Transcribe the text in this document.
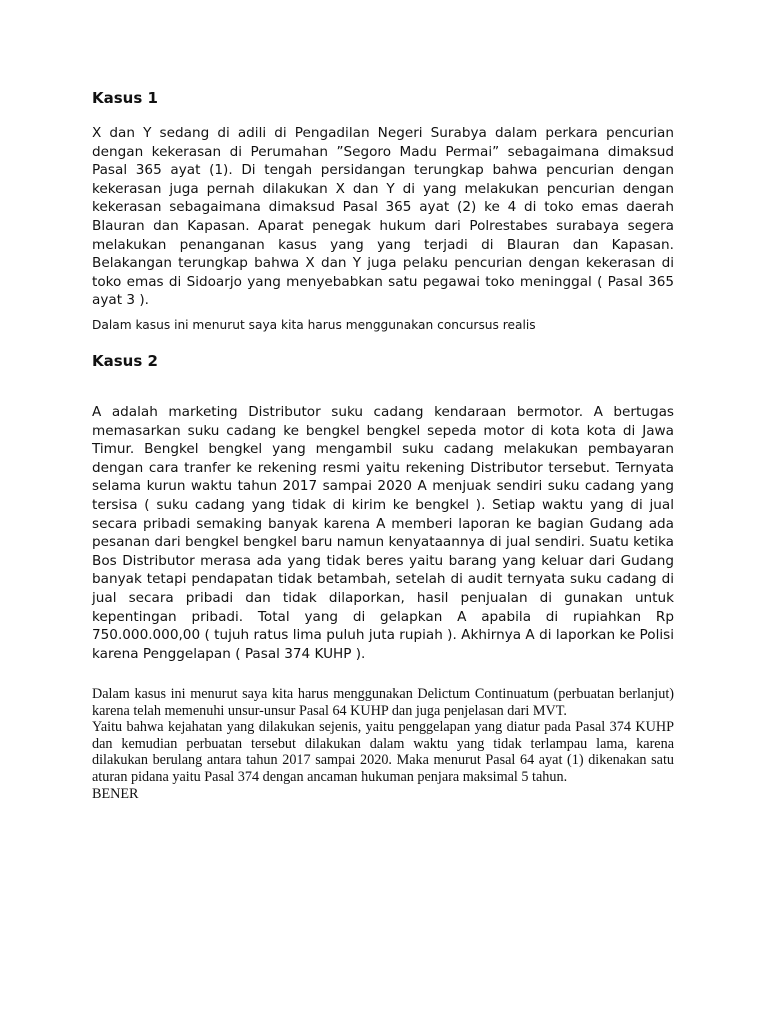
Kasus 1
X dan Y sedang di adili di Pengadilan Negeri Surabya dalam perkara pencurian dengan kekerasan di Perumahan ”Segoro Madu Permai” sebagaimana dimaksud Pasal 365 ayat (1). Di tengah persidangan terungkap bahwa pencurian dengan kekerasan juga pernah dilakukan X dan Y di yang melakukan pencurian dengan kekerasan sebagaimana dimaksud Pasal 365 ayat (2) ke 4 di toko emas daerah Blauran dan Kapasan. Aparat penegak hukum dari Polrestabes surabaya segera melakukan penanganan kasus yang yang terjadi di Blauran dan Kapasan. Belakangan terungkap bahwa X dan Y juga pelaku pencurian dengan kekerasan di toko emas di Sidoarjo yang menyebabkan satu pegawai toko meninggal ( Pasal 365 ayat 3 ).
Dalam kasus ini menurut saya kita harus menggunakan concursus realis
Kasus 2
A adalah marketing Distributor suku cadang kendaraan bermotor. A bertugas memasarkan suku cadang ke bengkel bengkel sepeda motor di kota kota di Jawa Timur. Bengkel bengkel yang mengambil suku cadang melakukan pembayaran dengan cara tranfer ke rekening resmi yaitu rekening Distributor tersebut. Ternyata selama kurun waktu tahun 2017 sampai 2020 A menjuak sendiri suku cadang yang tersisa ( suku cadang yang tidak di kirim ke bengkel ). Setiap waktu yang di jual secara pribadi semaking banyak karena A memberi laporan ke bagian Gudang ada pesanan dari bengkel bengkel baru namun kenyataannya di jual sendiri. Suatu ketika Bos Distributor merasa ada yang tidak beres yaitu barang yang keluar dari Gudang banyak tetapi pendapatan tidak betambah, setelah di audit ternyata suku cadang di jual secara pribadi dan tidak dilaporkan, hasil penjualan di gunakan untuk kepentingan pribadi. Total yang di gelapkan A apabila di rupiahkan Rp 750.000.000,00 ( tujuh ratus lima puluh juta rupiah ). Akhirnya A di laporkan ke Polisi karena Penggelapan ( Pasal 374 KUHP ).

Dalam kasus ini menurut saya kita harus menggunakan Delictum Continuatum (perbuatan berlanjut) karena telah memenuhi unsur-unsur Pasal 64 KUHP dan juga penjelasan dari MVT.

Yaitu bahwa kejahatan yang dilakukan sejenis, yaitu penggelapan yang diatur pada Pasal 374 KUHP dan kemudian perbuatan tersebut dilakukan dalam waktu yang tidak terlampau lama, karena dilakukan berulang antara tahun 2017 sampai 2020. Maka menurut Pasal 64 ayat (1) dikenakan satu aturan pidana yaitu Pasal 374 dengan ancaman hukuman penjara maksimal 5 tahun.

BENER
